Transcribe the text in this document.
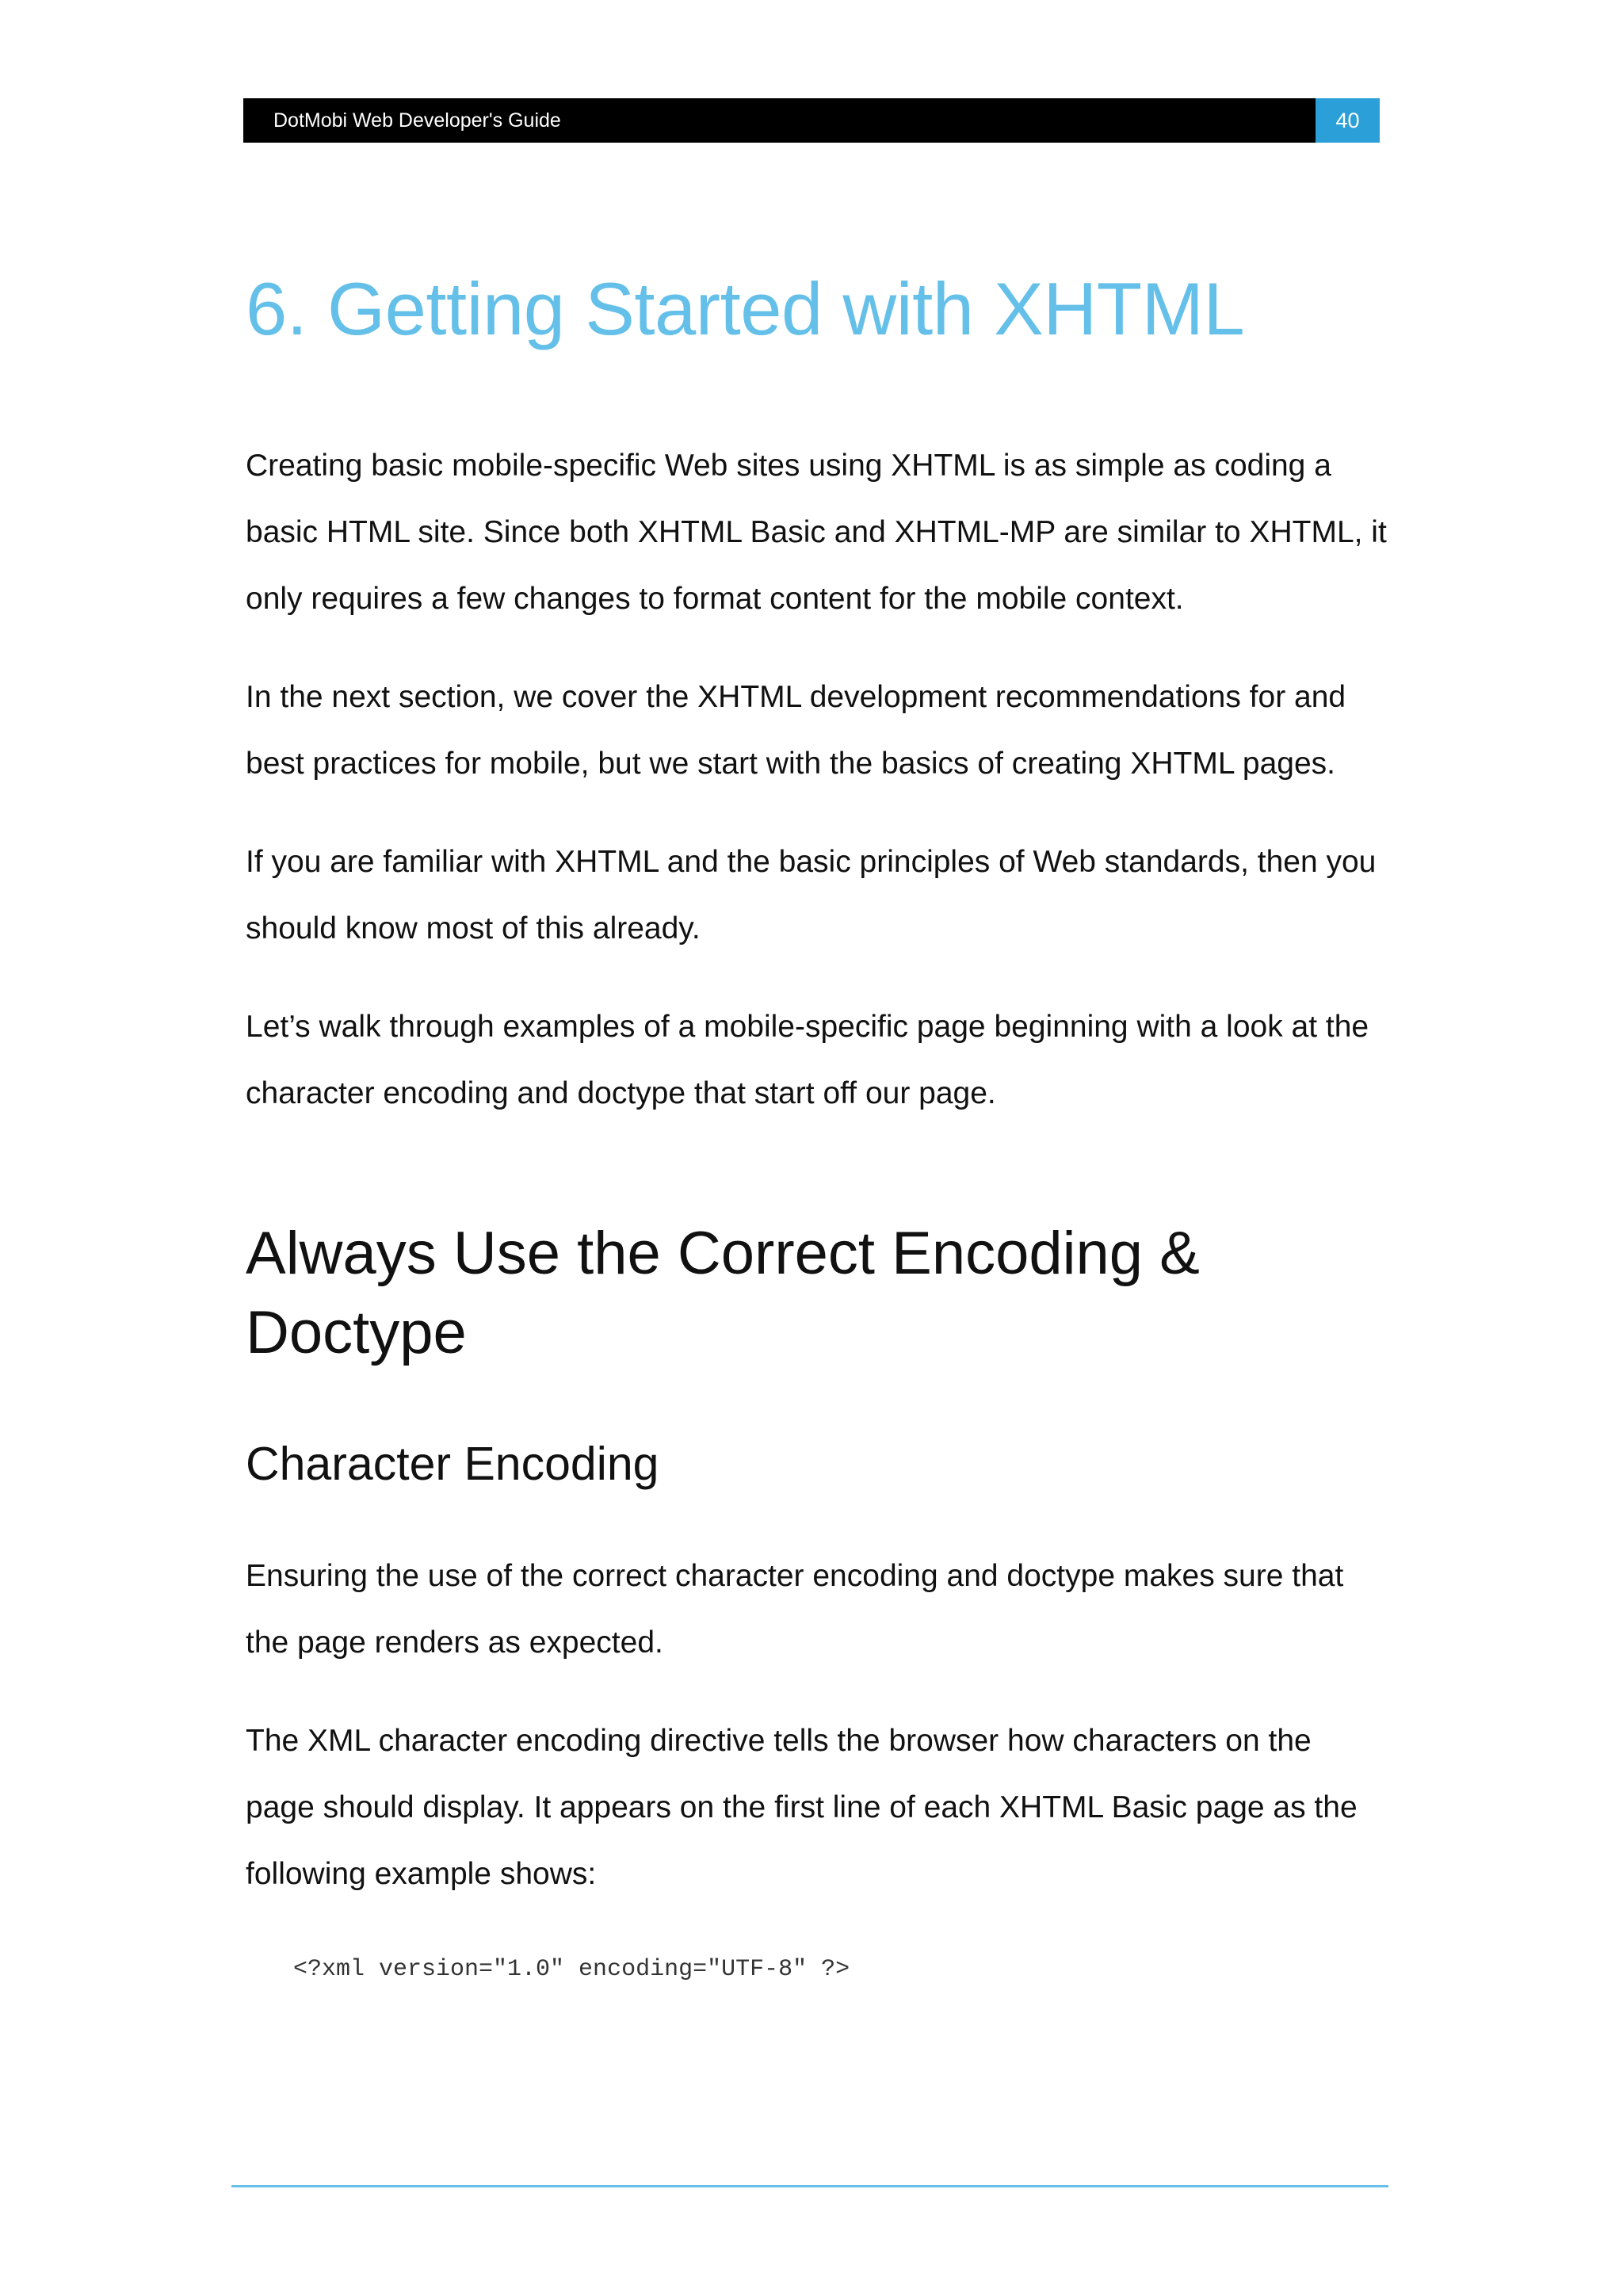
DotMobi Web Developer's Guide	40
6. Getting Started with XHTML

Creating basic mobile-specific Web sites using XHTML is as simple as coding a basic HTML site. Since both XHTML Basic and XHTML-MP are similar to XHTML, it only requires a few changes to format content for the mobile context.

In the next section, we cover the XHTML development recommendations for and best practices for mobile, but we start with the basics of creating XHTML pages.

If you are familiar with XHTML and the basic principles of Web standards, then you should know most of this already.

Let’s walk through examples of a mobile-specific page beginning with a look at the character encoding and doctype that start off our page.

Always Use the Correct Encoding & Doctype
Character Encoding

Ensuring the use of the correct character encoding and doctype makes sure that the page renders as expected.

The XML character encoding directive tells the browser how characters on the page should display. It appears on the first line of each XHTML Basic page as the following example shows:

<?xml version="1.0" encoding="UTF-8" ?>
